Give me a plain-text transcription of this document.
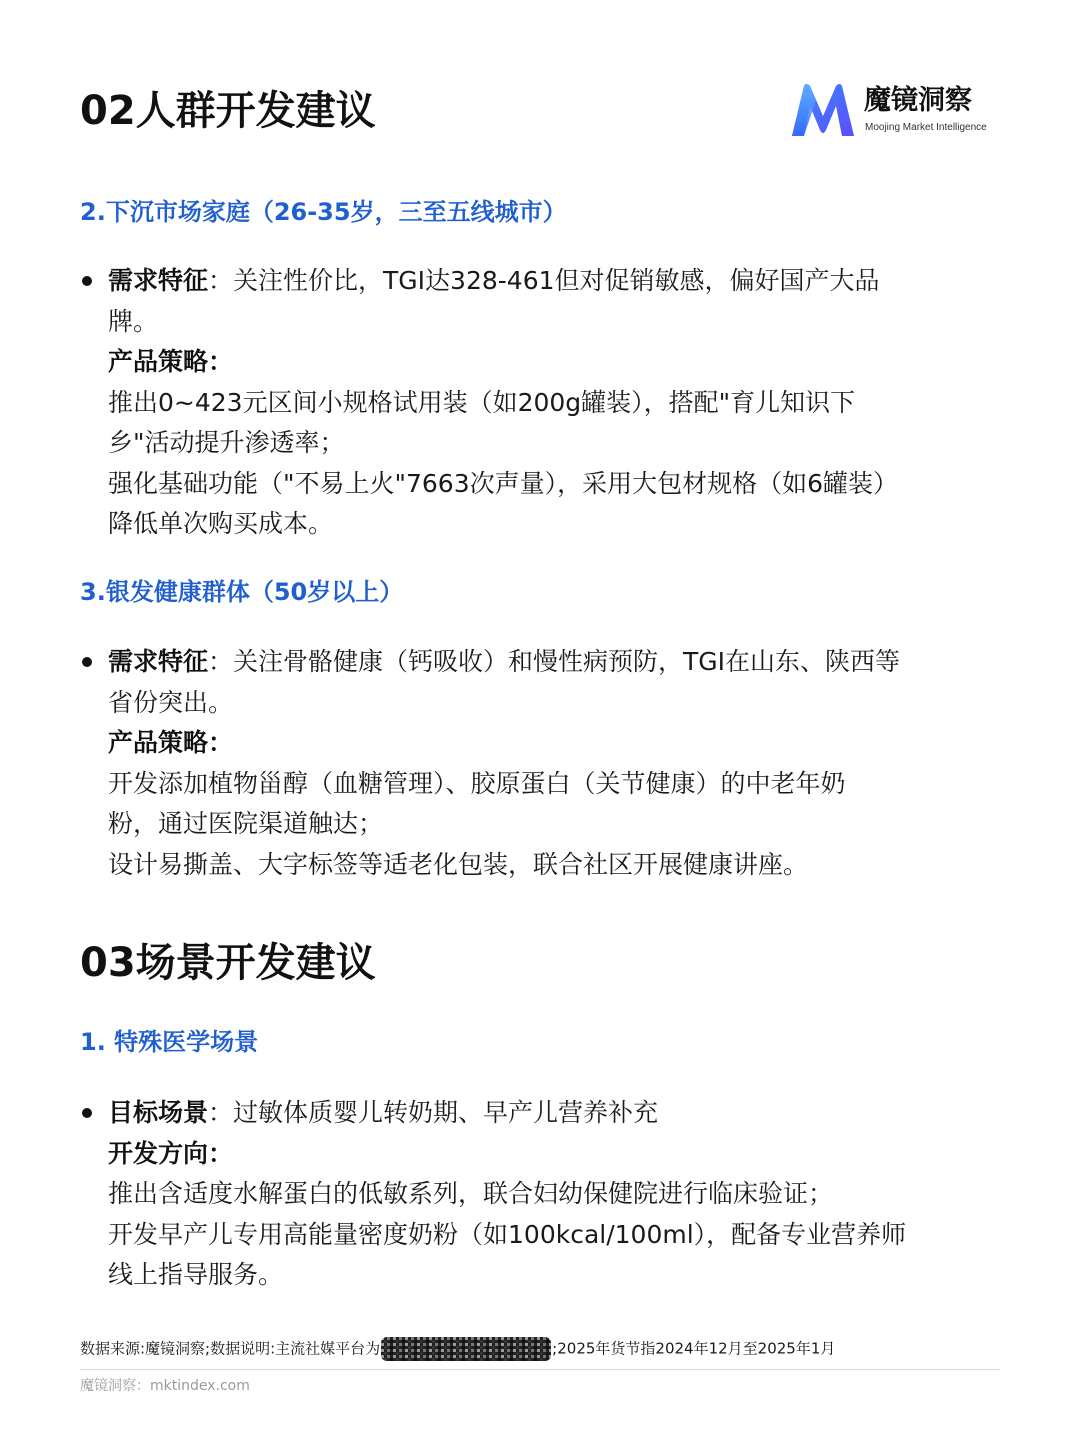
02人群开发建议	魔镜洞察
Moojing Market Intelligence
2.下沉市场家庭（26-35岁，三至五线城市）
需求特征：关注性价比，TGI达328-461但对促销敏感，偏好国产大品
牌。
产品策略：
推出0~423元区间小规格试用装（如200g罐装），搭配"育儿知识下
乡"活动提升渗透率；
强化基础功能（"不易上火"7663次声量），采用大包材规格（如6罐装）
降低单次购买成本。
3.银发健康群体（50岁以上）
需求特征：关注骨骼健康（钙吸收）和慢性病预防，TGI在山东、陕西等
省份突出。
产品策略：
开发添加植物甾醇（血糖管理）、胶原蛋白（关节健康）的中老年奶
粉，通过医院渠道触达；
设计易撕盖、大字标签等适老化包装，联合社区开展健康讲座。
03场景开发建议
1. 特殊医学场景
目标场景：过敏体质婴儿转奶期、早产儿营养补充
开发方向：
推出含适度水解蛋白的低敏系列，联合妇幼保健院进行临床验证；
开发早产儿专用高能量密度奶粉（如100kcal/100ml），配备专业营养师
线上指导服务。
数据来源:魔镜洞察;数据说明:主流社媒平台为	;2025年货节指2024年12月至2025年1月
魔镜洞察：mktindex.com
